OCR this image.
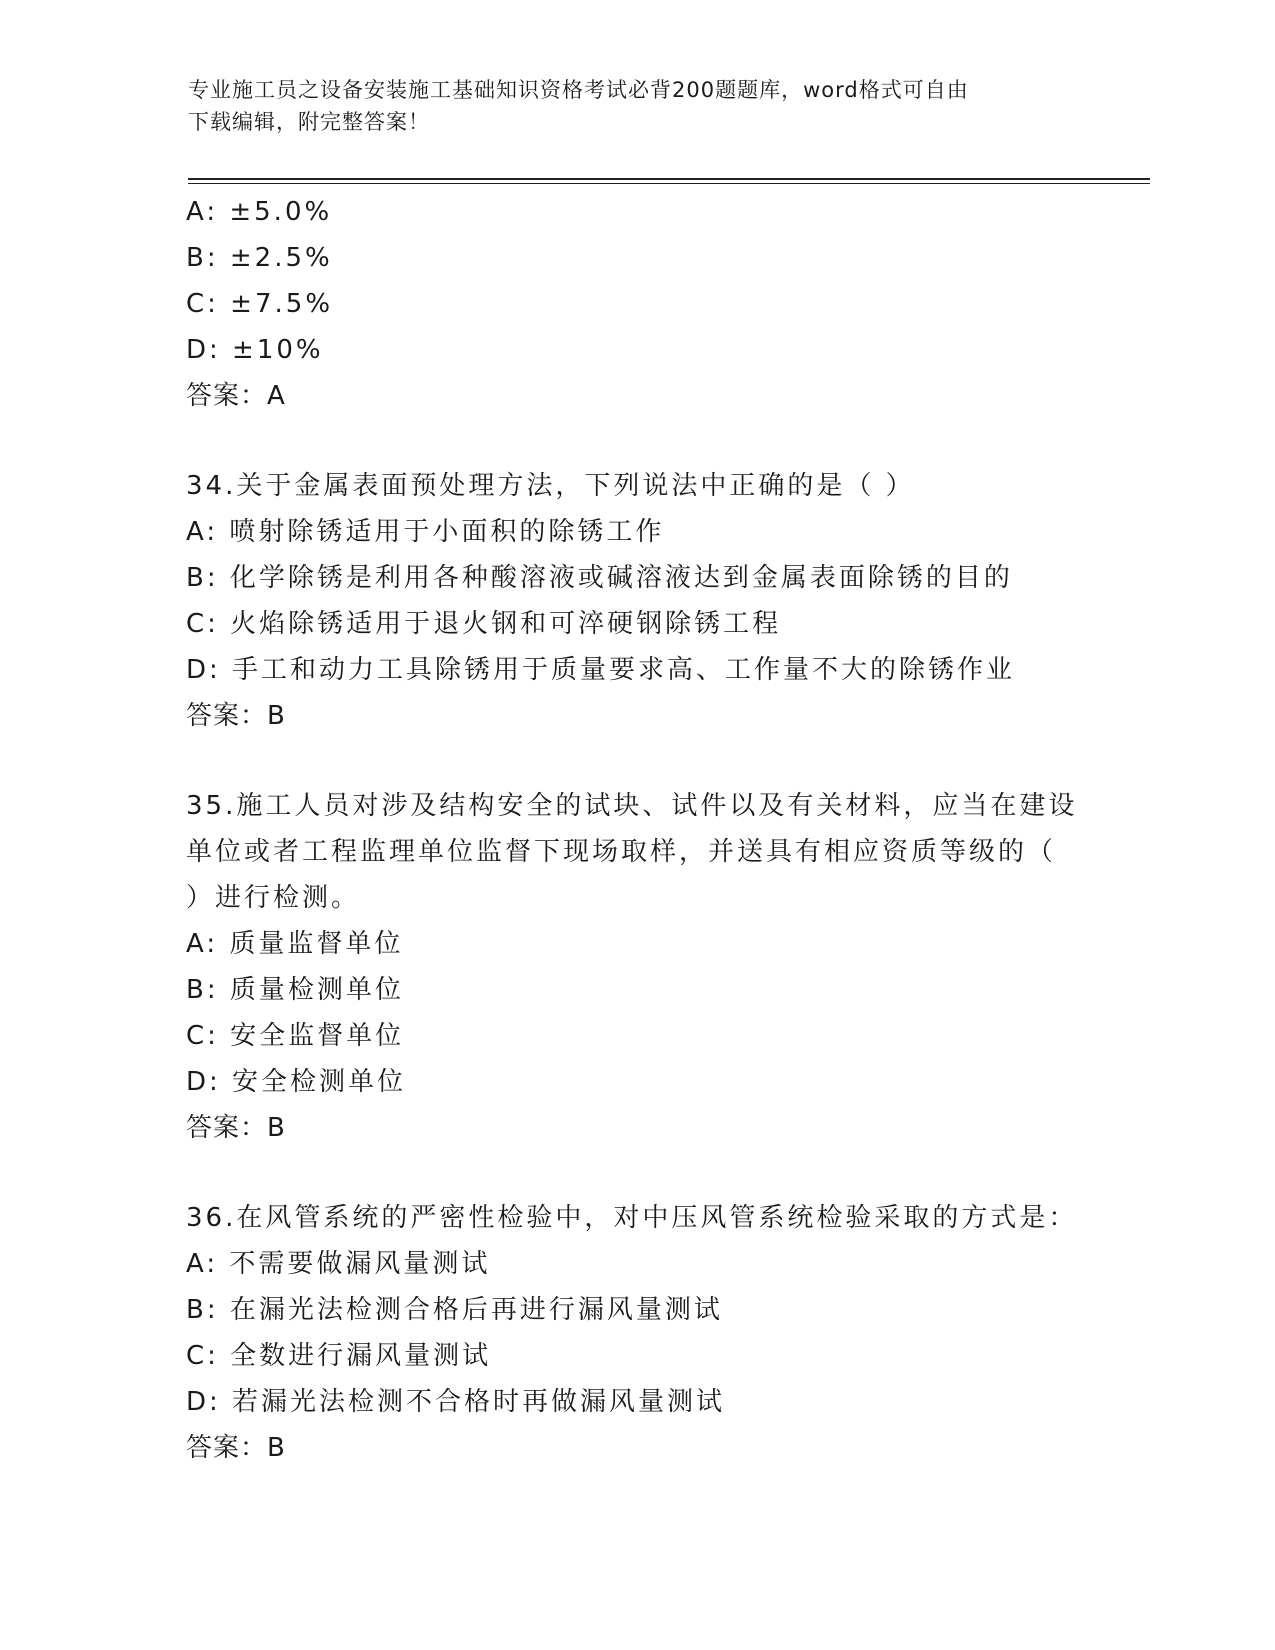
专业施工员之设备安装施工基础知识资格考试必背200题题库，word格式可自由
下载编辑，附完整答案！
A: ±5.0%
B: ±2.5%
C: ±7.5%
D: ±10%
答案：A
34.关于金属表面预处理方法，下列说法中正确的是（ ）
A: 喷射除锈适用于小面积的除锈工作
B: 化学除锈是利用各种酸溶液或碱溶液达到金属表面除锈的目的
C: 火焰除锈适用于退火钢和可淬硬钢除锈工程
D: 手工和动力工具除锈用于质量要求高、工作量不大的除锈作业
答案：B
35.施工人员对涉及结构安全的试块、试件以及有关材料，应当在建设
单位或者工程监理单位监督下现场取样，并送具有相应资质等级的（
）进行检测。
A: 质量监督单位
B: 质量检测单位
C: 安全监督单位
D: 安全检测单位
答案：B
36.在风管系统的严密性检验中，对中压风管系统检验采取的方式是：
A: 不需要做漏风量测试
B: 在漏光法检测合格后再进行漏风量测试
C: 全数进行漏风量测试
D: 若漏光法检测不合格时再做漏风量测试
答案：B
